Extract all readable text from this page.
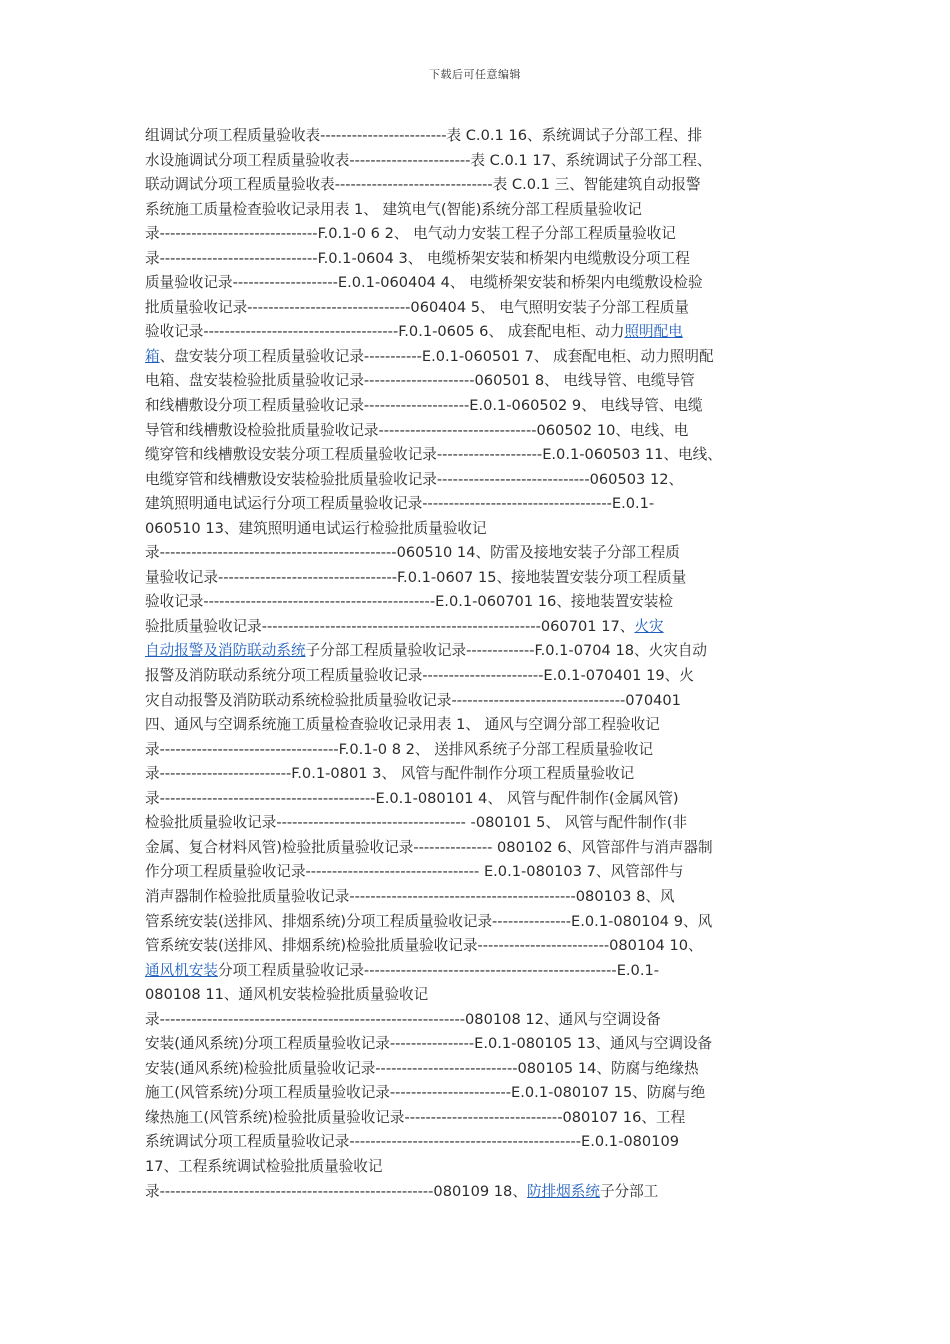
下载后可任意编辑
组调试分项工程质量验收表------------------------表 C.0.1 16、系统调试子分部工程、排
水设施调试分项工程质量验收表-----------------------表 C.0.1 17、系统调试子分部工程、
联动调试分项工程质量验收表------------------------------表 C.0.1 三、智能建筑自动报警
系统施工质量检查验收记录用表 1、 建筑电气(智能)系统分部工程质量验收记
录------------------------------F.0.1-0 6 2、 电气动力安装工程子分部工程质量验收记
录------------------------------F.0.1-0604 3、 电缆桥架安装和桥架内电缆敷设分项工程
质量验收记录--------------------E.0.1-060404 4、 电缆桥架安装和桥架内电缆敷设检验
批质量验收记录-------------------------------060404 5、 电气照明安装子分部工程质量
验收记录-------------------------------------F.0.1-0605 6、 成套配电柜、动力照明配电
箱、盘安装分项工程质量验收记录-----------E.0.1-060501 7、 成套配电柜、动力照明配
电箱、盘安装检验批质量验收记录---------------------060501 8、 电线导管、电缆导管
和线槽敷设分项工程质量验收记录--------------------E.0.1-060502 9、 电线导管、电缆
导管和线槽敷设检验批质量验收记录------------------------------060502 10、电线、电
缆穿管和线槽敷设安装分项工程质量验收记录--------------------E.0.1-060503 11、电线、
电缆穿管和线槽敷设安装检验批质量验收记录-----------------------------060503 12、
建筑照明通电试运行分项工程质量验收记录------------------------------------E.0.1-
060510 13、建筑照明通电试运行检验批质量验收记
录---------------------------------------------060510 14、防雷及接地安装子分部工程质
量验收记录----------------------------------F.0.1-0607 15、接地装置安装分项工程质量
验收记录--------------------------------------------E.0.1-060701 16、接地装置安装检
验批质量验收记录-----------------------------------------------------060701 17、火灾
自动报警及消防联动系统子分部工程质量验收记录-------------F.0.1-0704 18、火灾自动
报警及消防联动系统分项工程质量验收记录-----------------------E.0.1-070401 19、火
灾自动报警及消防联动系统检验批质量验收记录---------------------------------070401
四、通风与空调系统施工质量检查验收记录用表 1、 通风与空调分部工程验收记
录----------------------------------F.0.1-0 8 2、 送排风系统子分部工程质量验收记
录-------------------------F.0.1-0801 3、 风管与配件制作分项工程质量验收记
录-----------------------------------------E.0.1-080101 4、 风管与配件制作(金属风管)
检验批质量验收记录------------------------------------ -080101 5、 风管与配件制作(非
金属、复合材料风管)检验批质量验收记录--------------- 080102 6、风管部件与消声器制
作分项工程质量验收记录--------------------------------- E.0.1-080103 7、风管部件与
消声器制作检验批质量验收记录-------------------------------------------080103 8、风
管系统安装(送排风、排烟系统)分项工程质量验收记录---------------E.0.1-080104 9、风
管系统安装(送排风、排烟系统)检验批质量验收记录-------------------------080104 10、
通风机安装分项工程质量验收记录------------------------------------------------E.0.1-
080108 11、通风机安装检验批质量验收记
录----------------------------------------------------------080108 12、通风与空调设备
安装(通风系统)分项工程质量验收记录----------------E.0.1-080105 13、通风与空调设备
安装(通风系统)检验批质量验收记录---------------------------080105 14、防腐与绝缘热
施工(风管系统)分项工程质量验收记录-----------------------E.0.1-080107 15、防腐与绝
缘热施工(风管系统)检验批质量验收记录------------------------------080107 16、工程
系统调试分项工程质量验收记录--------------------------------------------E.0.1-080109
17、工程系统调试检验批质量验收记
录----------------------------------------------------080109 18、防排烟系统子分部工
